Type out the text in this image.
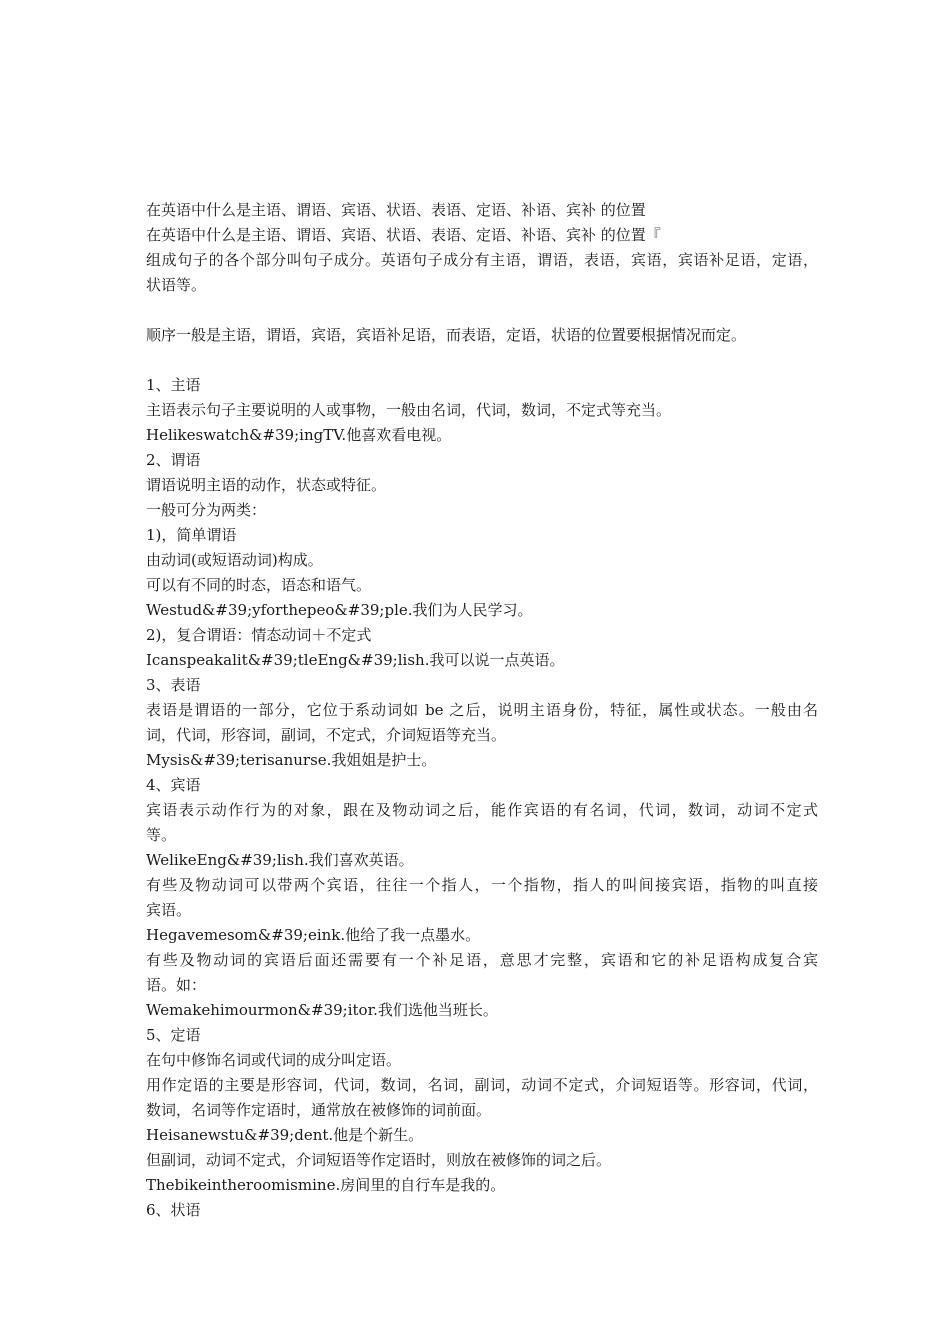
在英语中什么是主语、谓语、宾语、状语、表语、定语、补语、宾补 的位置
在英语中什么是主语、谓语、宾语、状语、表语、定语、补语、宾补 的位置『
组成句子的各个部分叫句子成分。英语句子成分有主语，谓语，表语，宾语，宾语补足语，定语，
状语等。
顺序一般是主语，谓语，宾语，宾语补足语，而表语，定语，状语的位置要根据情况而定。
1、主语
主语表示句子主要说明的人或事物，一般由名词，代词，数词，不定式等充当。
Helikeswatch&#39;ingTV.他喜欢看电视。
2、谓语
谓语说明主语的动作，状态或特征。
一般可分为两类：
1)，简单谓语
由动词(或短语动词)构成。
可以有不同的时态，语态和语气。
Westud&#39;yforthepeo&#39;ple.我们为人民学习。
2)，复合谓语：情态动词＋不定式
Icanspeakalit&#39;tleEng&#39;lish.我可以说一点英语。
3、表语
表语是谓语的一部分，它位于系动词如 be 之后，说明主语身份，特征，属性或状态。一般由名
词，代词，形容词，副词，不定式，介词短语等充当。
Mysis&#39;terisanurse.我姐姐是护士。
4、宾语
宾语表示动作行为的对象，跟在及物动词之后，能作宾语的有名词，代词，数词，动词不定式
等。
WelikeEng&#39;lish.我们喜欢英语。
有些及物动词可以带两个宾语，往往一个指人，一个指物，指人的叫间接宾语，指物的叫直接
宾语。
Hegavemesom&#39;eink.他给了我一点墨水。
有些及物动词的宾语后面还需要有一个补足语，意思才完整，宾语和它的补足语构成复合宾
语。如：
Wemakehimourmon&#39;itor.我们选他当班长。
5、定语
在句中修饰名词或代词的成分叫定语。
用作定语的主要是形容词，代词，数词，名词，副词，动词不定式，介词短语等。形容词，代词，
数词，名词等作定语时，通常放在被修饰的词前面。
Heisanewstu&#39;dent.他是个新生。
但副词，动词不定式，介词短语等作定语时，则放在被修饰的词之后。
Thebikeintheroomismine.房间里的自行车是我的。
6、状语
